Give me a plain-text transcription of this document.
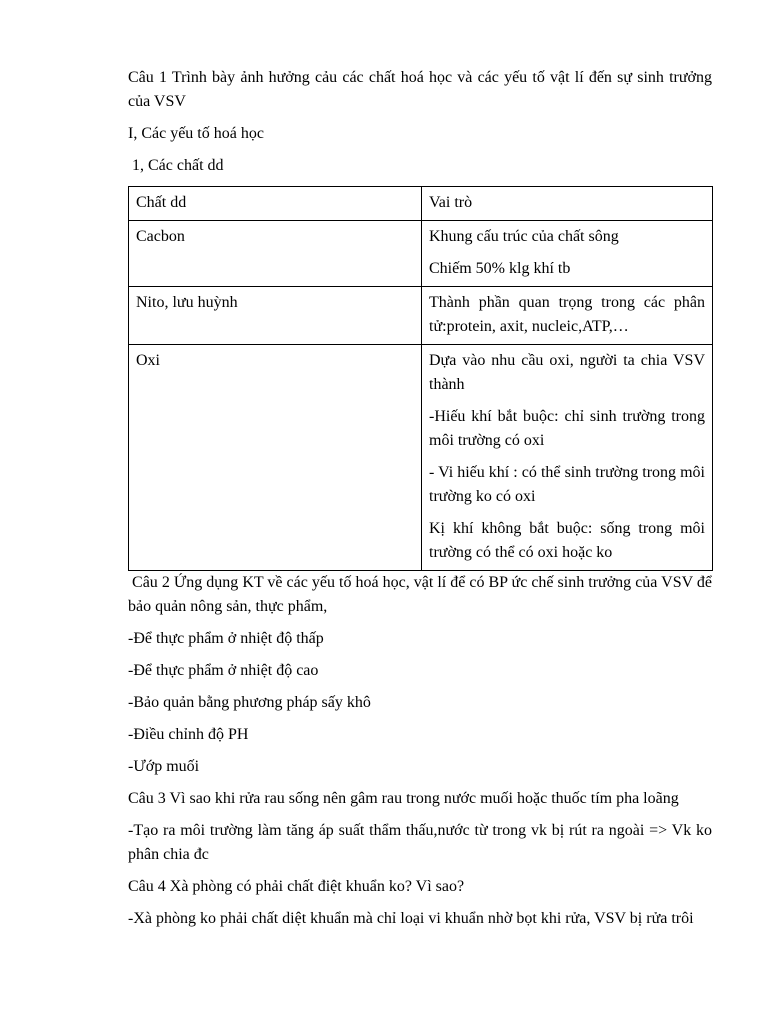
Câu 1 Trình bày ảnh hưởng cảu các chất hoá học và các yếu tố vật lí đến sự sinh trưởng của VSV

I, Các yếu tố hoá học

1, Các chất dd

Chất dd	Vai trò
Cacbon	Khung cấu trúc của chất sông

Chiếm 50% klg khí tb

Nito, lưu huỳnh	Thành phần quan trọng trong các phân tử:protein, axit, nucleic,ATP,…

Oxi	Dựa vào nhu cầu oxi, người ta chia VSV thành

-Hiếu khí bắt buộc: chỉ sinh trường trong môi trường có oxi

- Vi hiếu khí : có thể sinh trường trong môi trường ko có oxi

Kị khí không bắt buộc: sống trong môi trường có thể có oxi hoặc ko

Câu 2 Ứng dụng KT về các yếu tố hoá học, vật lí để có BP ức chế sinh trưởng của VSV để bảo quản nông sản, thực phẩm,

-Để thực phẩm ở nhiệt độ thấp

-Để thực phẩm ở nhiệt độ cao

-Bảo quản bằng phương pháp sấy khô

-Điều chỉnh độ PH

-Ướp muối

Câu 3 Vì sao khi rửa rau sống nên gâm rau trong nước muối hoặc thuốc tím pha loãng

-Tạo ra môi trường làm tăng áp suất thẩm thấu,nước từ trong vk bị rút ra ngoài => Vk ko phân chia đc

Câu 4 Xà phòng có phải chất điệt khuẩn ko? Vì sao?

-Xà phòng ko phải chất diệt khuẩn mà chỉ loại vi khuẩn nhờ bọt khi rửa, VSV bị rửa trôi
